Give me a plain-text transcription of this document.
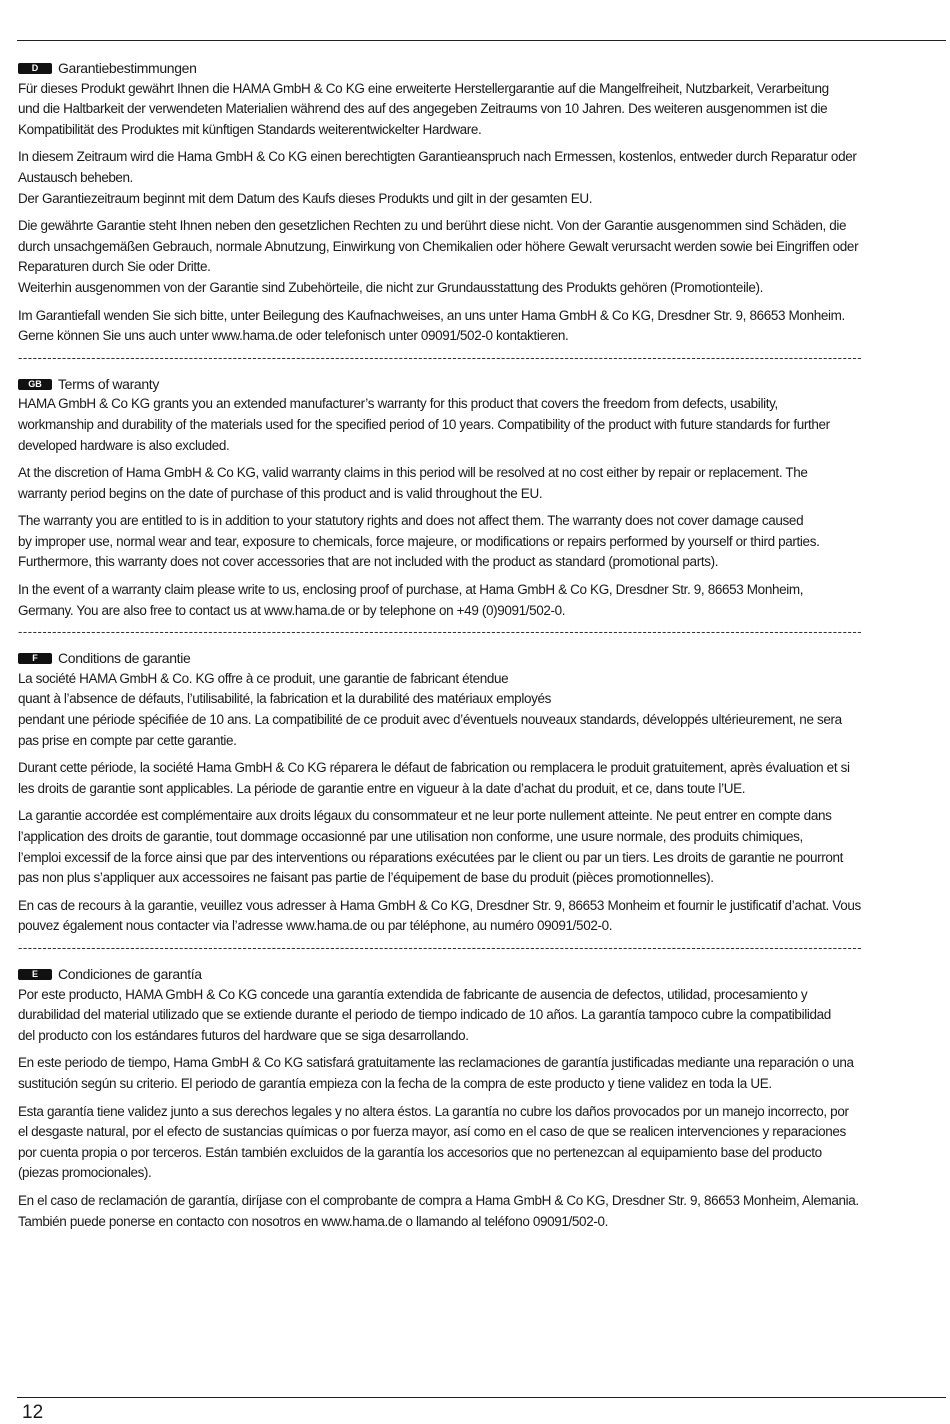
D	Garantiebestimmungen
Für dieses Produkt gewährt Ihnen die HAMA GmbH & Co KG eine erweiterte Herstellergarantie auf die Mangelfreiheit, Nutzbarkeit, Verarbeitung
und die Haltbarkeit der verwendeten Materialien während des auf des angegeben Zeitraums von 10 Jahren. Des weiteren ausgenommen ist die
Kompatibilität des Produktes mit künftigen Standards weiterentwickelter Hardware.
In diesem Zeitraum wird die Hama GmbH & Co KG einen berechtigten Garantieanspruch nach Ermessen, kostenlos, entweder durch Reparatur oder
Austausch beheben.
Der Garantiezeitraum beginnt mit dem Datum des Kaufs dieses Produkts und gilt in der gesamten EU.
Die gewährte Garantie steht Ihnen neben den gesetzlichen Rechten zu und berührt diese nicht. Von der Garantie ausgenommen sind Schäden, die
durch unsachgemäßen Gebrauch, normale Abnutzung, Einwirkung von Chemikalien oder höhere Gewalt verursacht werden sowie bei Eingriffen oder
Reparaturen durch Sie oder Dritte.
Weiterhin ausgenommen von der Garantie sind Zubehörteile, die nicht zur Grundausstattung des Produkts gehören (Promotionteile).
Im Garantiefall wenden Sie sich bitte, unter Beilegung des Kaufnachweises, an uns unter Hama GmbH & Co KG, Dresdner Str. 9, 86653 Monheim.
Gerne können Sie uns auch unter www.hama.de oder telefonisch unter 09091/502-0 kontaktieren.
-----------------------------------------------------------------------------------------------------------------------------------------------------------------------------
GB	Terms of waranty
HAMA GmbH & Co KG grants you an extended manufacturer’s warranty for this product that covers the freedom from defects, usability,
workmanship and durability of the materials used for the specified period of 10 years. Compatibility of the product with future standards for further
developed hardware is also excluded.
At the discretion of Hama GmbH & Co KG, valid warranty claims in this period will be resolved at no cost either by repair or replacement. The
warranty period begins on the date of purchase of this product and is valid throughout the EU.
The warranty you are entitled to is in addition to your statutory rights and does not affect them. The warranty does not cover damage caused
by improper use, normal wear and tear, exposure to chemicals, force majeure, or modifications or repairs performed by yourself or third parties.
Furthermore, this warranty does not cover accessories that are not included with the product as standard (promotional parts).
In the event of a warranty claim please write to us, enclosing proof of purchase, at Hama GmbH & Co KG, Dresdner Str. 9, 86653 Monheim,
Germany. You are also free to contact us at www.hama.de or by telephone on +49 (0)9091/502-0.
-----------------------------------------------------------------------------------------------------------------------------------------------------------------------------
F	Conditions de garantie
La société HAMA GmbH & Co. KG offre à ce produit, une garantie de fabricant étendue
quant à l’absence de défauts, l’utilisabilité, la fabrication et la durabilité des matériaux employés
pendant une période spécifiée de 10 ans. La compatibilité de ce produit avec d’éventuels nouveaux standards, développés ultérieurement, ne sera
pas prise en compte par cette garantie.
Durant cette période, la société Hama GmbH & Co KG réparera le défaut de fabrication ou remplacera le produit gratuitement, après évaluation et si
les droits de garantie sont applicables. La période de garantie entre en vigueur à la date d’achat du produit, et ce, dans toute l’UE.
La garantie accordée est complémentaire aux droits légaux du consommateur et ne leur porte nullement atteinte. Ne peut entrer en compte dans
l’application des droits de garantie, tout dommage occasionné par une utilisation non conforme, une usure normale, des produits chimiques,
l’emploi excessif de la force ainsi que par des interventions ou réparations exécutées par le client ou par un tiers. Les droits de garantie ne pourront
pas non plus s’appliquer aux accessoires ne faisant pas partie de l’équipement de base du produit (pièces promotionnelles).
En cas de recours à la garantie, veuillez vous adresser à Hama GmbH & Co KG, Dresdner Str. 9, 86653 Monheim et fournir le justificatif d’achat. Vous
pouvez également nous contacter via l’adresse www.hama.de ou par téléphone, au numéro 09091/502-0.
-----------------------------------------------------------------------------------------------------------------------------------------------------------------------------
E	Condiciones de garantía
Por este producto, HAMA GmbH & Co KG concede una garantía extendida de fabricante de ausencia de defectos, utilidad, procesamiento y
durabilidad del material utilizado que se extiende durante el periodo de tiempo indicado de 10 años. La garantía tampoco cubre la compatibilidad
del producto con los estándares futuros del hardware que se siga desarrollando.
En este periodo de tiempo, Hama GmbH & Co KG satisfará gratuitamente las reclamaciones de garantía justificadas mediante una reparación o una
sustitución según su criterio. El periodo de garantía empieza con la fecha de la compra de este producto y tiene validez en toda la UE.
Esta garantía tiene validez junto a sus derechos legales y no altera éstos. La garantía no cubre los daños provocados por un manejo incorrecto, por
el desgaste natural, por el efecto de sustancias químicas o por fuerza mayor, así como en el caso de que se realicen intervenciones y reparaciones
por cuenta propia o por terceros. Están también excluidos de la garantía los accesorios que no pertenezcan al equipamiento base del producto
(piezas promocionales).
En el caso de reclamación de garantía, diríjase con el comprobante de compra a Hama GmbH & Co KG, Dresdner Str. 9, 86653 Monheim, Alemania.
También puede ponerse en contacto con nosotros en www.hama.de o llamando al teléfono 09091/502-0.
12
